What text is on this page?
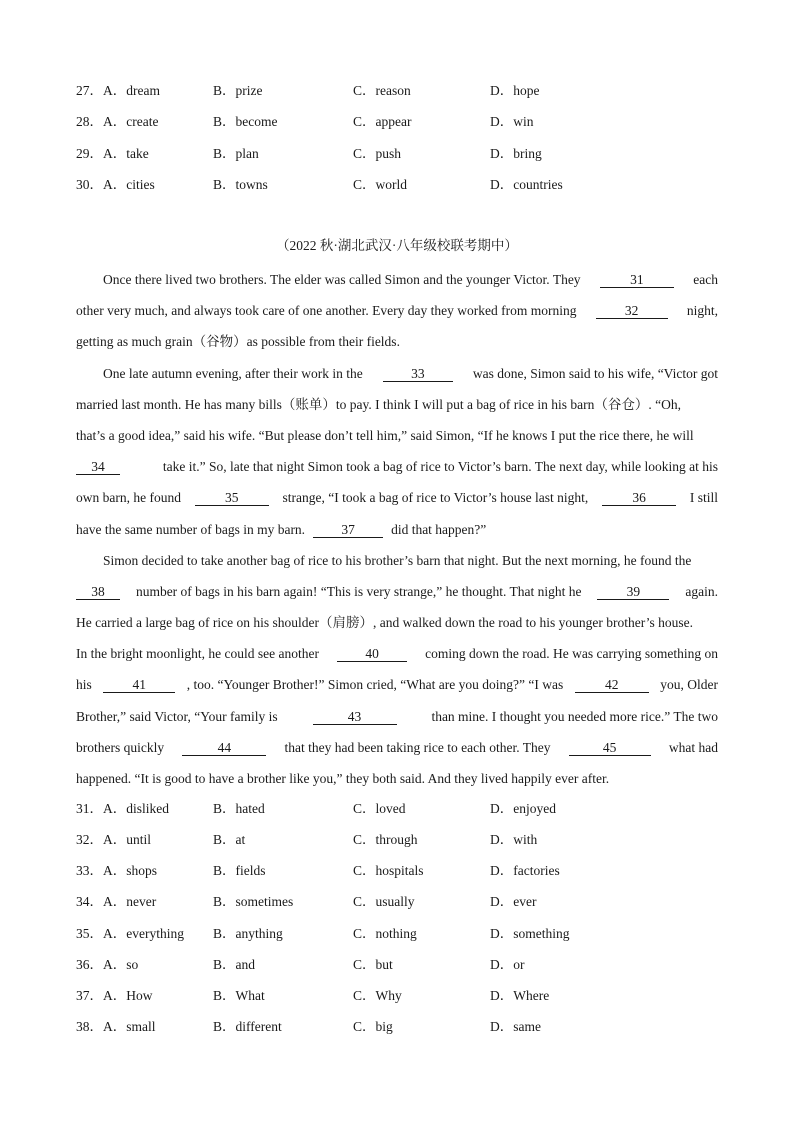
27． A．dream	B．prize	C．reason	D．hope
28． A．create	B．become	C．appear	D．win
29． A．take	B．plan	C．push	D．bring
30． A．cities	B．towns	C．world	D．countries
（2022 秋·湖北武汉·八年级校联考期中）
Once there lived two brothers. The elder was called Simon and the younger Victor. They	31	each
other very much, and always took care of one another. Every day they worked from morning	32	night,
getting as much grain（谷物）as possible from their fields.
One late autumn evening, after their work in the	33	was done, Simon said to his wife, “Victor got
married last month. He has many bills（账单）to pay. I think I will put a bag of rice in his barn（谷仓）. “Oh,
that’s a good idea,” said his wife. “But please don’t tell him,” said Simon, “If he knows I put the rice there, he will
34	take it.” So, late that night Simon took a bag of rice to Victor’s barn. The next day, while looking at his
own barn, he found	35	strange, “I took a bag of rice to Victor’s house last night,	36	I still
have the same number of bags in my barn.
	37
	did that happen?”
Simon decided to take another bag of rice to his brother’s barn that night. But the next morning, he found the
38	number of bags in his barn again! “This is very strange,” he thought. That night he	39	again.
He carried a large bag of rice on his shoulder（肩膀）, and walked down the road to his younger brother’s house.
In the bright moonlight, he could see another	40	coming down the road. He was carrying something on
his	41	, too. “Younger Brother!” Simon cried, “What are you doing?” “I was	42	you, Older
Brother,” said Victor, “Your family is	43	than mine. I thought you needed more rice.” The two
brothers quickly	44	that they had been taking rice to each other. They	45	what had
happened. “It is good to have a brother like you,” they both said. And they lived happily ever after.
31． A．disliked	B．hated	C．loved	D．enjoyed
32． A．until	B．at	C．through	D．with
33． A．shops	B．fields	C．hospitals	D．factories
34． A．never	B．sometimes	C．usually	D．ever
35． A．everything B．anything	C．nothing	D．something
36． A．so	B．and	C．but	D．or
37． A．How	B．What	C．Why	D．Where
38． A．small	B．different	C．big	D．same
